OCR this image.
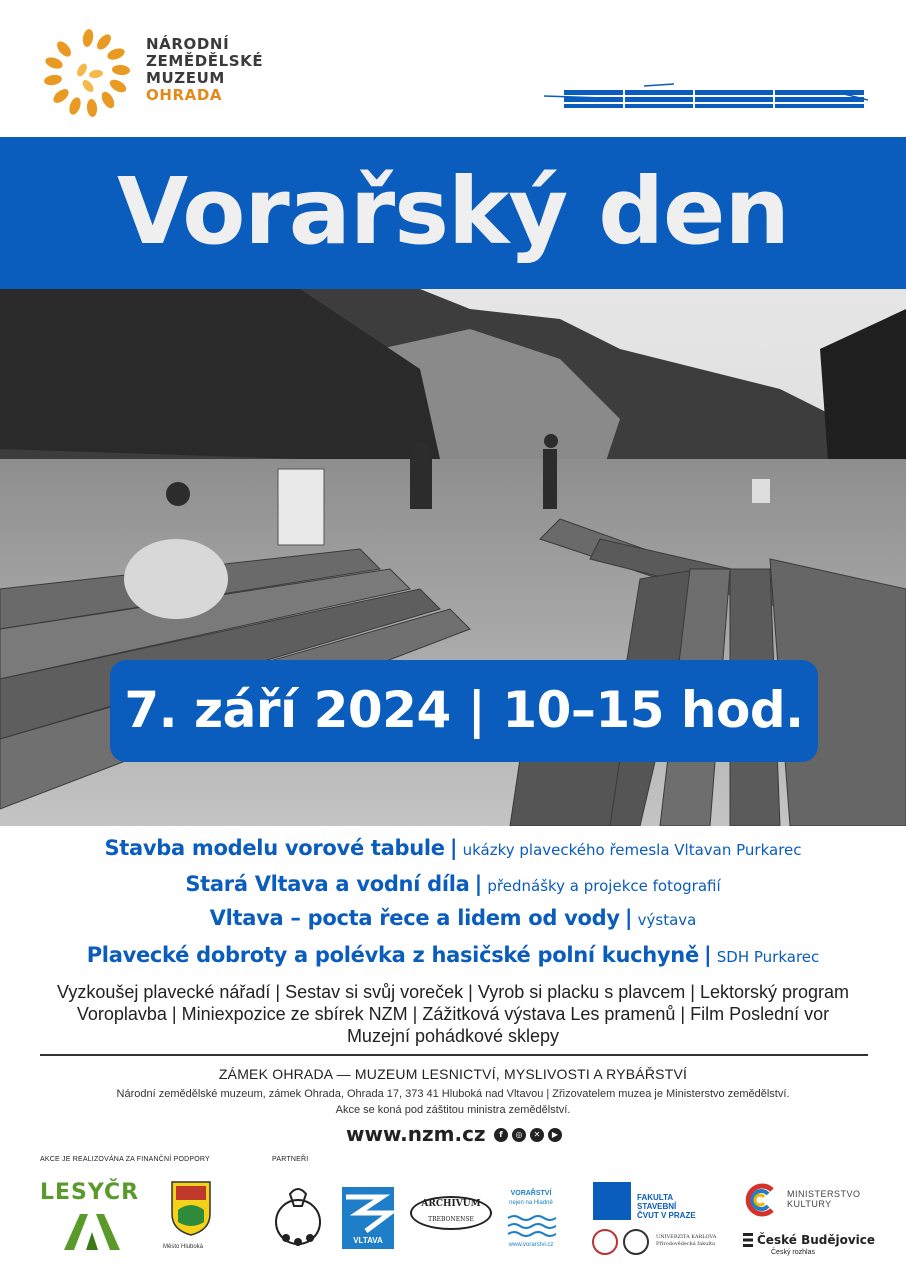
NÁRODNÍ
ZEMĚDĚLSKÉ
MUZEUM
OHRADA
Vorařský den
7. září 2024 | 10–15 hod.
Stavba modelu vorové tabule | ukázky plaveckého řemesla Vltavan Purkarec
Stará Vltava a vodní díla | přednášky a projekce fotografií
Vltava – pocta řece a lidem od vody | výstava
Plavecké dobroty a polévka z hasičské polní kuchyně | SDH Purkarec
Vyzkoušej plavecké nářadí | Sestav si svůj voreček | Vyrob si placku s plavcem | Lektorský program
Voroplavba | Miniexpozice ze sbírek NZM | Zážitková výstava Les pramenů | Film Poslední vor
Muzejní pohádkové sklepy
ZÁMEK OHRADA — MUZEUM LESNICTVÍ, MYSLIVOSTI A RYBÁŘSTVÍ
Národní zemědělské muzeum, zámek Ohrada, Ohrada 17, 373 41 Hluboká nad Vltavou | Zřizovatelem muzea je Ministerstvo zemědělství.
Akce se koná pod záštitou ministra zemědělství.
www.nzm.cz	f	◎	✕	▶
AKCE JE REALIZOVÁNA ZA FINANČNÍ PODPORY	PARTNEŘI
LESYČR
Město Hluboká
VLTAVA
ARCHIVUM
TREBONENSE
VORAŘSTVÍ
nejen na Hladně
www.vorarstvi.cz
FAKULTA
STAVEBNÍ
ČVUT V PRAZE
UNIVERZITA KARLOVA
Přírodovědecká fakulta
MINISTERSTVO
KULTURY
České Budějovice
Český rozhlas
